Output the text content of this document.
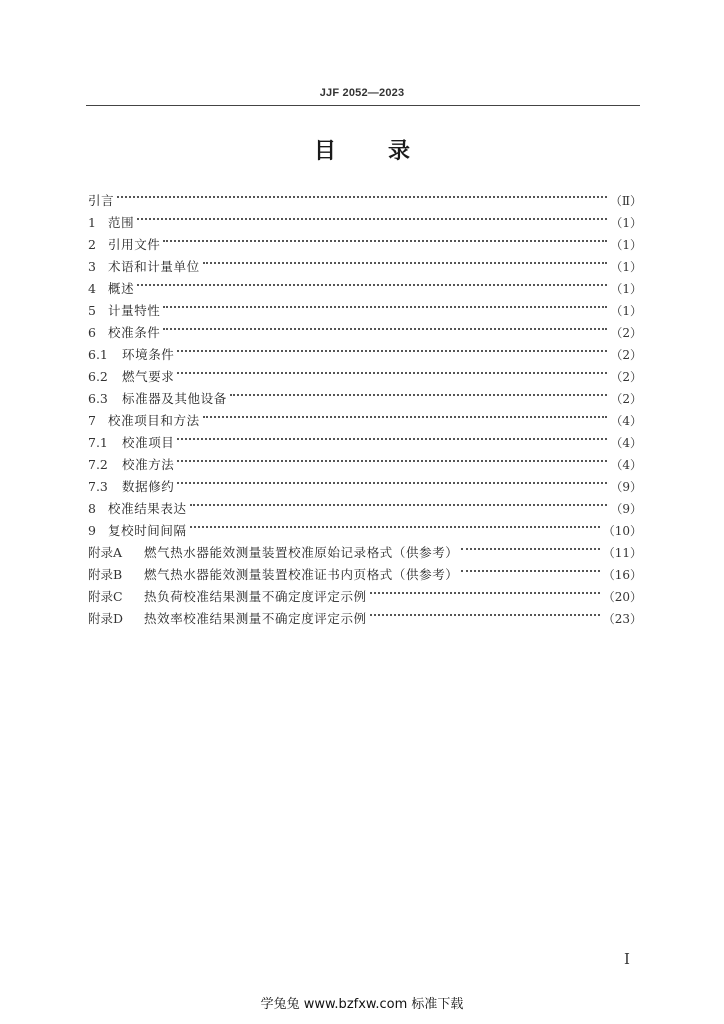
JJF 2052—2023
目 录
引言	（Ⅱ）
1 范围	（1）
2 引用文件	（1）
3 术语和计量单位	（1）
4 概述	（1）
5 计量特性	（1）
6 校准条件	（2）
6.1	环境条件	（2）
6.2	燃气要求	（2）
6.3	标准器及其他设备	（2）
7 校准项目和方法	（4）
7.1	校准项目	（4）
7.2	校准方法	（4）
7.3	数据修约	（9）
8 校准结果表达	（9）
9 复校时间间隔	（10）
附录A	燃气热水器能效测量装置校准原始记录格式（供参考）	（11）
附录B	燃气热水器能效测量装置校准证书内页格式（供参考）	（16）
附录C	热负荷校准结果测量不确定度评定示例	（20）
附录D	热效率校准结果测量不确定度评定示例	（23）
I
学兔兔 www.bzfxw.com 标准下载
